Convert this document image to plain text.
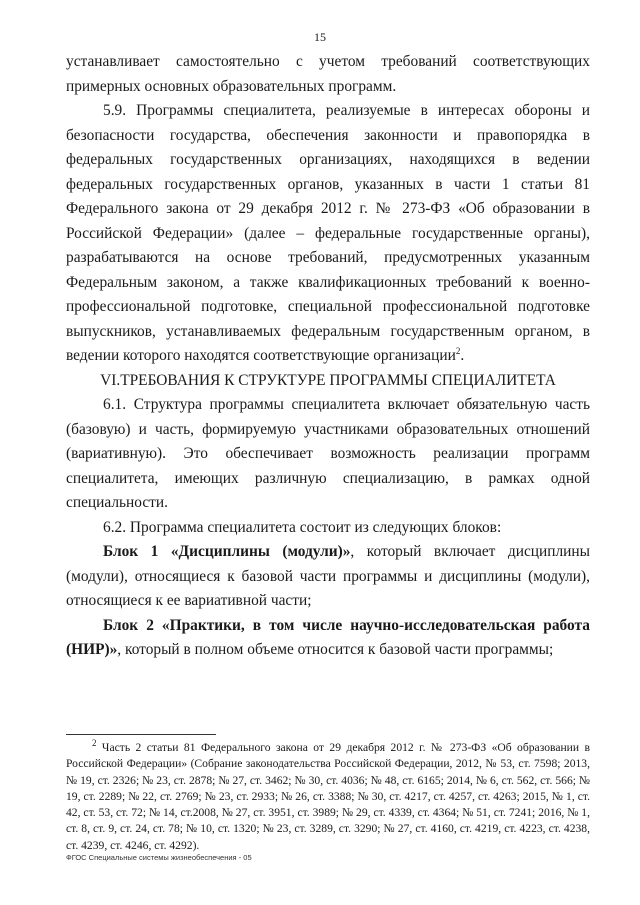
15

устанавливает самостоятельно с учетом требований соответствующих примерных основных образовательных программ.

5.9. Программы специалитета, реализуемые в интересах обороны и безопасности государства, обеспечения законности и правопорядка в федеральных государственных организациях, находящихся в ведении федеральных государственных органов, указанных в части 1 статьи 81 Федерального закона от 29 декабря 2012 г. № 273-ФЗ «Об образовании в Российской Федерации» (далее – федеральные государственные органы), разрабатываются на основе требований, предусмотренных указанным Федеральным законом, а также квалификационных требований к военно-профессиональной подготовке, специальной профессиональной подготовке выпускников, устанавливаемых федеральным государственным органом, в ведении которого находятся соответствующие организации$^2$.

VI.ТРЕБОВАНИЯ К СТРУКТУРЕ ПРОГРАММЫ СПЕЦИАЛИТЕТА

6.1. Структура программы специалитета включает обязательную часть (базовую) и часть, формируемую участниками образовательных отношений (вариативную). Это обеспечивает возможность реализации программ специалитета, имеющих различную специализацию, в рамках одной специальности.

6.2. Программа специалитета состоит из следующих блоков:

Блок 1 «Дисциплины (модули)», который включает дисциплины (модули), относящиеся к базовой части программы и дисциплины (модули), относящиеся к ее вариативной части;

Блок 2 «Практики, в том числе научно-исследовательская работа (НИР)», который в полном объеме относится к базовой части программы;

$^2$ Часть 2 статьи 81 Федерального закона от 29 декабря 2012 г. № 273-ФЗ «Об образовании в Российской Федерации» (Собрание законодательства Российской Федерации, 2012, № 53, ст. 7598; 2013, № 19, ст. 2326; № 23, ст. 2878; № 27, ст. 3462; № 30, ст. 4036; № 48, ст. 6165; 2014, № 6, ст. 562, ст. 566; № 19, ст. 2289; № 22, ст. 2769; № 23, ст. 2933; № 26, ст. 3388; № 30, ст. 4217, ст. 4257, ст. 4263; 2015, № 1, ст. 42, ст. 53, ст. 72; № 14, ст.2008, № 27, ст. 3951, ст. 3989; № 29, ст. 4339, ст. 4364; № 51, ст. 7241; 2016, № 1, ст. 8, ст. 9, ст. 24, ст. 78; № 10, ст. 1320; № 23, ст. 3289, ст. 3290; № 27, ст. 4160, ст. 4219, ст. 4223, ст. 4238, ст. 4239, ст. 4246, ст. 4292).

ФГОС Специальные системы жизнеобеспечения - 05
